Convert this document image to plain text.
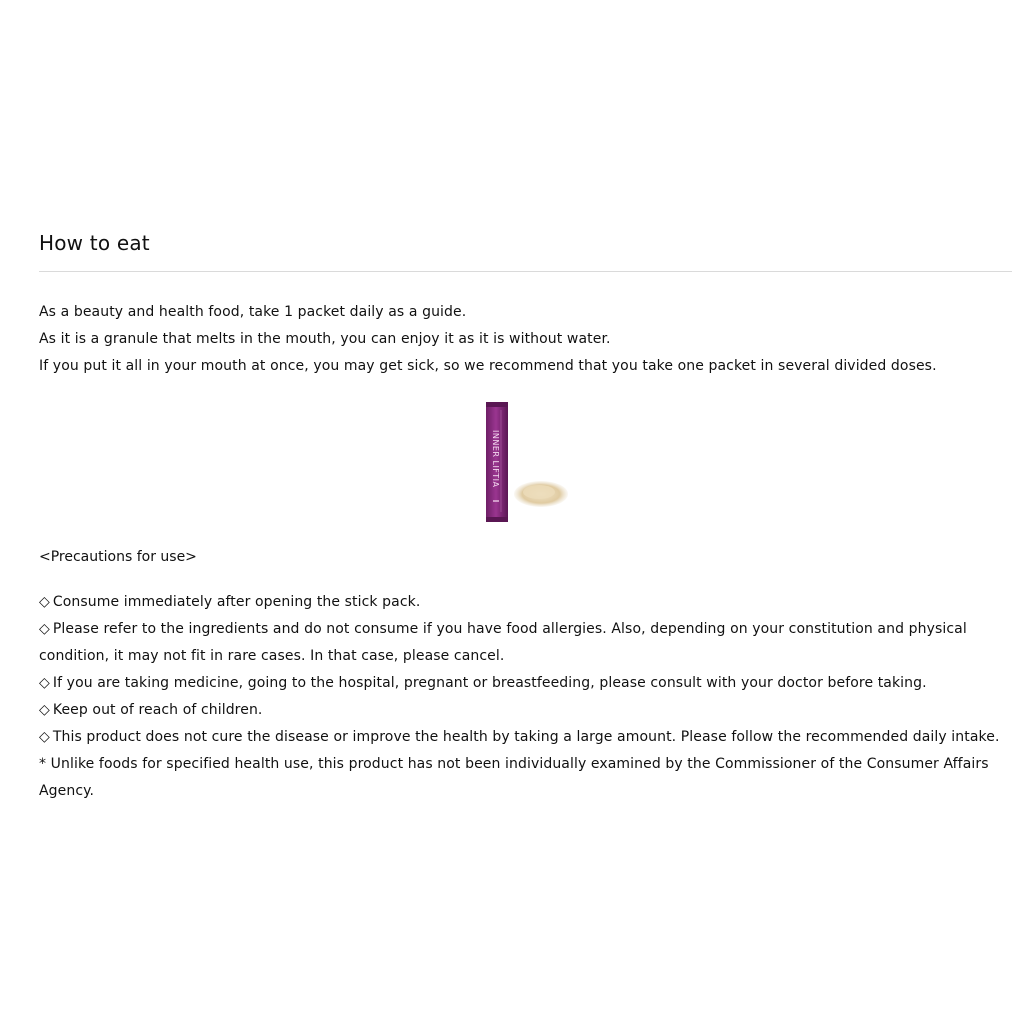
How to eat

As a beauty and health food, take 1 packet daily as a guide.

As it is a granule that melts in the mouth, you can enjoy it as it is without water.

If you put it all in your mouth at once, you may get sick, so we recommend that you take one packet in several divided doses.

INNER LIFTIA
<Precautions for use>

◇ Consume immediately after opening the stick pack.

◇ Please refer to the ingredients and do not consume if you have food allergies. Also, depending on your constitution and physical condition, it may not fit in rare cases. In that case, please cancel.

◇ If you are taking medicine, going to the hospital, pregnant or breastfeeding, please consult with your doctor before taking.

◇ Keep out of reach of children.

◇ This product does not cure the disease or improve the health by taking a large amount. Please follow the recommended daily intake.

* Unlike foods for specified health use, this product has not been individually examined by the Commissioner of the Consumer Affairs Agency.
